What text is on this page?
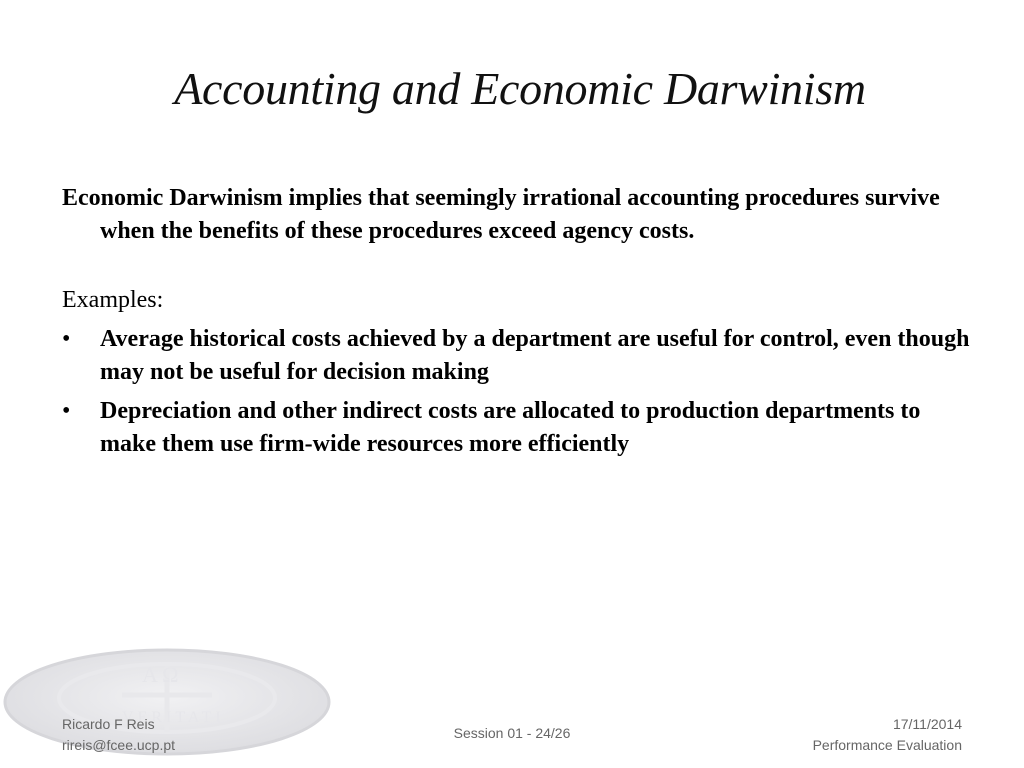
Α Ω
VERITATI
Accounting and Economic Darwinism

Economic Darwinism implies that seemingly irrational accounting procedures survive when the benefits of these procedures exceed agency costs.

Examples:

• Average historical costs achieved by a department are useful for control, even though may not be useful for decision making
• Depreciation and other indirect costs are allocated to production departments to make them use firm-wide resources more efficiently
Ricardo F Reis
rireis@fcee.ucp.pt
Session 01 - 24/26
17/11/2014
Performance Evaluation
